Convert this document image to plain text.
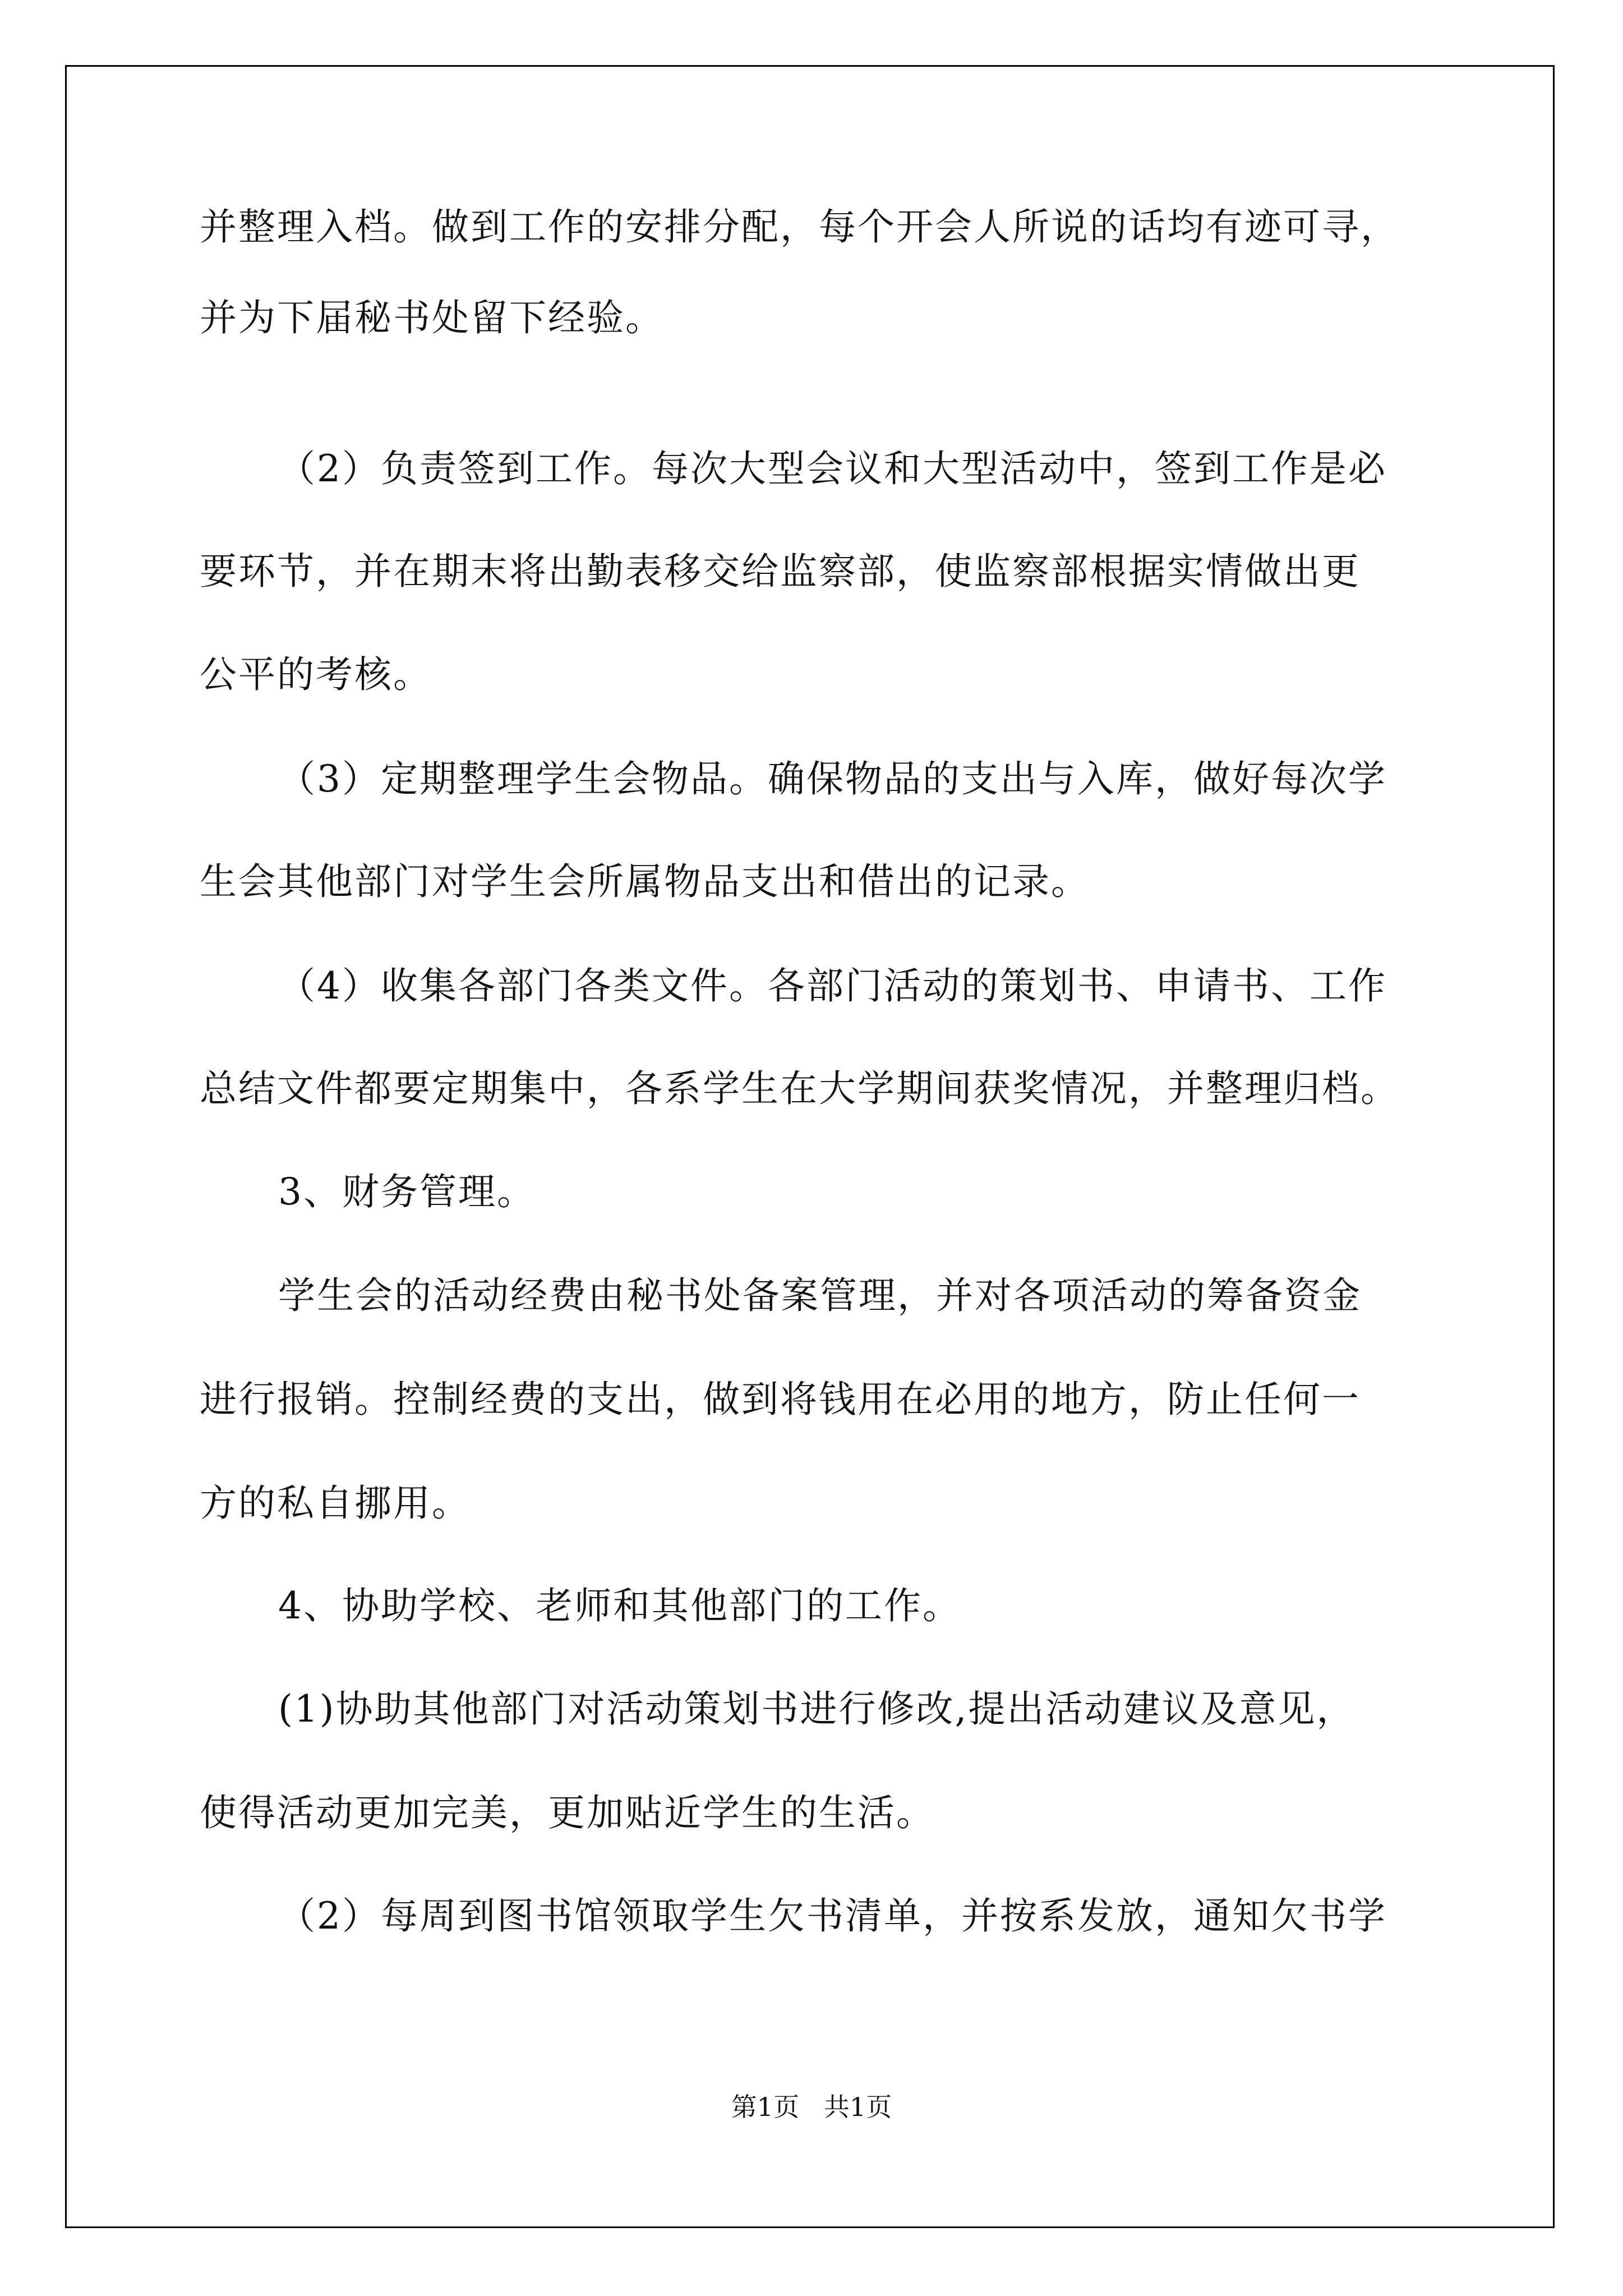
并整理入档。做到工作的安排分配，每个开会人所说的话均有迹可寻，
并为下届秘书处留下经验。
（2）负责签到工作。每次大型会议和大型活动中，签到工作是必
要环节，并在期末将出勤表移交给监察部，使监察部根据实情做出更
公平的考核。
（3）定期整理学生会物品。确保物品的支出与入库，做好每次学
生会其他部门对学生会所属物品支出和借出的记录。
（4）收集各部门各类文件。各部门活动的策划书、申请书、工作
总结文件都要定期集中，各系学生在大学期间获奖情况，并整理归档。
3、财务管理。
学生会的活动经费由秘书处备案管理，并对各项活动的筹备资金
进行报销。控制经费的支出，做到将钱用在必用的地方，防止任何一
方的私自挪用。
4、协助学校、老师和其他部门的工作。
(1)协助其他部门对活动策划书进行修改,提出活动建议及意见，
使得活动更加完美，更加贴近学生的生活。
（2）每周到图书馆领取学生欠书清单，并按系发放，通知欠书学
第1页   共1页
